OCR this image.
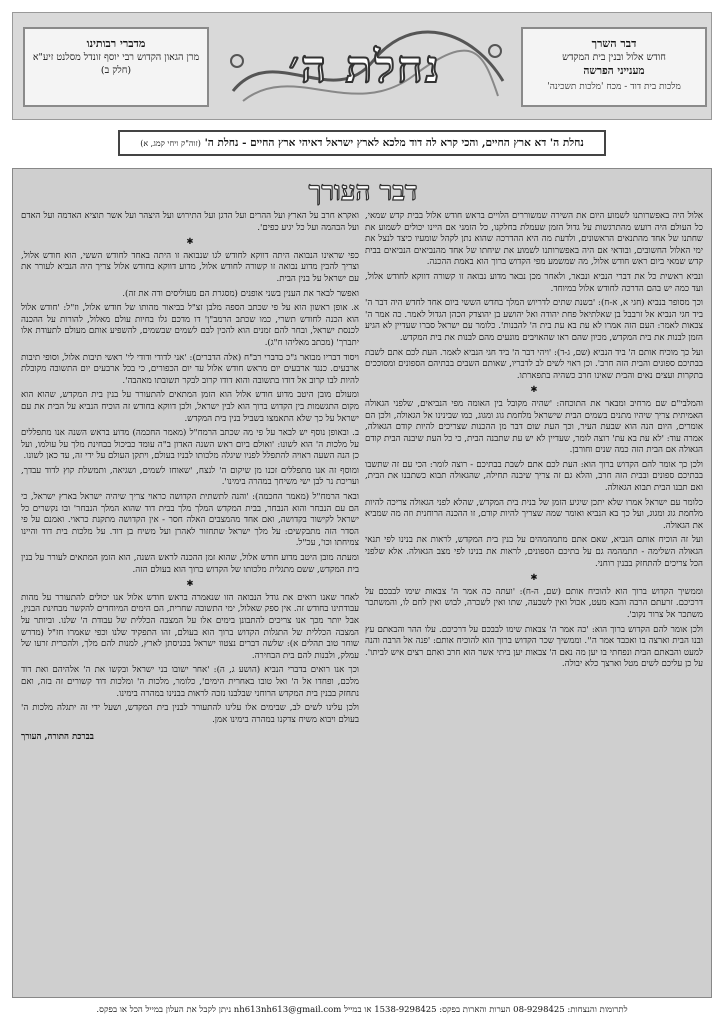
דבר השרך
חודש אלול ובנין בית המקדש
מענייני הפרשה
מלכות בית דוד - מכח 'מלכות תשכינה'
נחלת ה׳
מדברי רבותינו
מרן הגאון הקדוש רבי יוסף זונדל מסלנט זיע"א
(חלק ב)
נחלת ה' דא ארץ החיים, והכי קרא לה דוד מלכא לארץ ישראל דאיהי ארץ החיים - נחלת ה' (זוה"ק ויחי קמג, א)
דבר העורך

אלול היה באפשרותנו לשמוע היום את השירה שמשוררים הלויים בראש חודש אלול בבית קדש שמאי, כל העולם היה רועש מהתרגשות על גדול הזמן שעמלת בחלקנו, כל הזמני אם היינו יכולים לשמוע את שחתנו של אחד מהתנאים הראשונים, ולדעת מה היא ההדרכה שהוא נתן לקהל שומעיו כיצד לנצל את ימי האלול החשובים, ובודאי אם היה באפשרותנו לשמוע את שיחתו של אחד מהנביאים הנביאים בבית קדש שמאי ביום ראש חודש אלול, מה שמשמע מפי הקדוש ברוך הוא באמת ההכנה.

ונביא ראשית כל את דברי הנביא ונבאר, ולאחר מכן נבאר מדוע נבואה זו קשורה דווקא לחודש אלול, ועד כמה יש בהם הדרכה לחודש אלול במיוחד.

וכך מסופר בנביא (חגי א, א-ח): 'בשנת שתים לדריוש המלך בחדש הששי ביום אחד לחדש היה דבר ה' ביד חגי הנביא אל זרבבל בן שאלתיאל פחת יהודה ואל יהושע בן יהוצדק הכהן הגדול לאמר. כה אמר ה' צבאות לאמר: העם הזה אמרו לא עת בא עת בית ה' להבנות'. כלומר עם ישראל סברו שעדיין לא הגיע הזמן לבנות את בית המקדש, מכיון שהם ראו שהאויבים מונעים מהם לבנות את בית המקדש.

ועל כך מוכיח אותם ה' ביד הנביא (שם, ג-ד): 'ויהי דבר ה' ביד חגי הנביא לאמר. העת לכם אתם לשבת בבתיכם ספונים והבית הזה חרב'. וכן ראוי לשים לב לדבריו, שאותם השבים בבתיהם הספונים ומסוככים בתקרות ועצים נאים והבית שאינו חרב כשהיה בתפארתו.

✱

והמלבי"ם שם מרחיב ומבאר את התוכחה: 'שהיה מקובל בין האומה מפי הנביאים, שלפני הגאולה האמיתית צריך שיהיו מתנים בשמים הבית שישראל מלחמת גוג ומגוג, כמו שבינינו אל הגאולה, ולכן הם אומרים, היום הנה הוא שבעת העיר, וכך העת שום דבר מן ההכנות שצריכים להיות קודם הגאולה, אמרה עוד: 'לא עת בא עת' רוצה לומר, שעדיין לא יש עת שתבנה הבית, כי כל העת שיבנה הבית קודם הגאולה אם הבית הזה כמה שנים וחורבן.

ולכן כך אומר להם הקדוש ברוך הוא: העת לכם אתם לשבת בבתיכם - רוצה לומר: הכי עם זה שתשבו בבתיכם ספונים ובבית הזה חרב, והלא גם זה צריך שיבנה תחילה, שהגאולה תבוא כשתבנו את הבית, ואם תבנו הבית תבוא הגאולה.

כלומר עם ישראל אמרו שלא יתכן שיגיע הזמן של בנית בית המקדש, שהלא לפני הגאולה צריכה להיות מלחמת גוג ומגוג, ועל כך בא הנביא ואומר שמה שצריך להיות קודם, זו ההכנה הרוחנית וזה מה שמביא את הגאולה.

ועל זה הוכיח אותם הנביא, שאם אתם מתמהמהים על בנין בית המקדש, לראות את בנינו לפי תנאי הגאולה השלימה - תתמהמה גם על בתיכם הספונים, לראות את בנינו לפי מצב הגאולה. אלא שלפני הכל צריכים להתחזק בבנין רוחני.

✱

וממשיך הקדוש ברוך הוא להוכיח אותם (שם, ה-ח): 'ועתה כה אמר ה' צבאות שימו לבבכם על דרכיכם. זרעתם הרבה והבא מעט, אכול ואין לשבעה, שתו ואין לשכרה, לבוש ואין לחם לו, והמשתכר משתכר אל צרור נקוב'.

ולכן אומר להם הקדוש ברוך הוא: 'כה אמר ה' צבאות שימו לבבכם על דרכיכם. עלו ההר והבאתם עץ ובנו הבית וארצה בו ואכבד אמר ה''. וממשיך שכר הקדוש ברוך הוא להוכיח אותם: 'פנה אל הרבה והנה למעט והבאתם הבית ונפחתי בו יען מה נאם ה' צבאות יען ביתי אשר הוא חרב ואתם רצים איש לביתו'. על כן עליכם לשים מטל וארצך כלא יבולה.

ואקרא חרב על הארץ ועל ההרים ועל הדגן ועל התירוש ועל היצהר ועל אשר תוציא האדמה ועל האדם ועל הבהמה ועל כל יגיע כפים'.

✱

כפי שראינו הנבואה היתה דווקא לחודש לגו שנבואה זו היתה באחד לחודש הששי, הוא חודש אלול, וצריך להבין מדוע נבואה זו קשורה לחודש אלול, מדוע דווקא בחודש אלול צריך היה הנביא לעורר את עם ישראל על בנין הבית.

ואפשר לבאר את הענין בשני אופנים (מסגרת הם מעוליסים ודה את זה).

א. אופן ראשון הוא על פי שכתב הספה מלבן זצ"ל בביאור מהותו של חודש אלול, וז"ל: 'חודש אלול הוא הכנה לחודש תשרי, כמו שכתב הרמב"ן' דו מדכם גלו בחיות עולם מאלול, להורות על ההכנה לכנסת ישראל, ובחר להם זמנים הוא להכין לבם לשמים שבשמים, להשפיע אותם מעולם לתעודת אלו יתברך' (מכתב מאליהו ח"ג).

ויסוד דבריו מבואר ג"כ בדברי רב"ח (אלה הדברים): 'אני לדודי ודודי לי' ראשי תיבות אלול, וסופי תיבות ארבעים. כנגד ארבעים יום מראש חודש אלול עד יום הכפורים, כי בכל ארבעים יום התשובה מקובלת להיות לבו קרוב אל דודו בתשובה והוא דודו קרוב לבקר תשובתו מאהבה'.

ומעולם מובן היטב מדוע חודש אלול הוא הזמן המתאים להתעורר על בנין בית המקדש, שהוא הוא מקום התגשמות בין הקדוש ברוך הוא לבין ישראל, ולכן דווקא בחודש זה הוכיח הנביא על הבית את עם ישראל על כך שלא התאמצו בשביל בנין בית המקדש.

ב. ובאופן נוסף יש לבאר על פי מה שכתב הרמח"ל (מאמר החכמה) מדוע בראש השנה אנו מתפללים על מלכות ה' הוא לשונו: 'ואולם ביום ראש השנה האדון ב"ה עומד כביכול בבחינת מלך על עולמו, ועל כן הנה השעה ראויה להתפלל לפניו שיגלה מלכותו לבניו בעולם, ויתקן העולם על ידי זה, עד כאן לשונו.

ומוסף זה אנו מתפללים זכנו מן שיקום ה' לנצח, 'שאוחז לשמים, ושגיאה, ותמשלת קוץ לדוד עבדך, ועריכת נר לבן ישי משיחך במהרה בימינו'.

ובאר הרמח"ל (מאמר החכמה): 'והנה לתשתית הקדושה כראוי צריך שיהיה ישראל בארץ ישראל, כי הם עם הנבחר והוא הנבחר, בבית המקדש המלך מלך בבית דוד שהוא המלך הנבחר' ובו נקשרים כל ישראל לקישור בקדושה, ואם אחד מהמצבים האלה חסר - אין הקדושה מתקנת כראוי. ואמנם על פי הסדר הזה מתבקשים: על מלך ישראל שתחזור לאהרן ועל משיח בן דוד. על מלכות בית דוד והיינו צמיחתו וכו', עכ"ל.

ומעתה מובן היטב מדוע חודש אלול, שהוא זמן ההכנה לראש השנה, הוא הזמן המתאים לעורר על בנין בית המקדש, ששם מתגלית מלכותו של הקדוש ברוך הוא בעולם הזה.

✱

לאחר שאנו רואים את גודל הנבואה הזו שנאמרה בראש חודש אלול אנו יכולים להתעורר על מהות עבודתינו בחודש זה. אין ספק שאלול, ימי התשובה שחרית, הם הימים המיוחדים להקשר מבחינת הבנין, אבל יותר מכך אנו צריכים להתבונן בימים אלו על המצבה הכללית של עבודת ה' שלנו. וביותר על המצבה הכללית של התגלות הקדוש ברוך הוא בעולם, זהו התפקיד שלנו וכפי שאמרו חז"ל (מדרש שוחר טוב תהלים א): שלשה דברים נצטוו ישראל בכניסתן לארץ, למנות להם מלך, ולהכרית זרעו של עמלק, ולבנות להם בית הבחירה.

וכך אנו רואים בדברי הנביא (הושע ג, ה): 'אחר ישובו בני ישראל ובקשו את ה' אלהיהם ואת דוד מלכם, ופחדו אל ה' ואל טובו באחרית הימים', כלומר, מלכות ה' ומלכות דוד קשורים זה בזה, ואם נתחזק בבנין בית המקדש הרוחני שבלבנו נזכה לראות בבנינו במהרה בימינו.

ולכן עלינו לשים לב, שבימים אלו עלינו להתעורר לבנין בית המקדש, ושעל ידי זה יתגלה מלכות ה' בעולם ויבוא משיח צדקנו במהרה בימינו אמן.

בברכת התורה, העורך
לתרומות והנצחות: 08-9298425 הערות והארות בפקס: 1538-9298425 או במייל nh613nh613@gmail.com ניתן לקבל את העלון במייל הכל או בפקס.
